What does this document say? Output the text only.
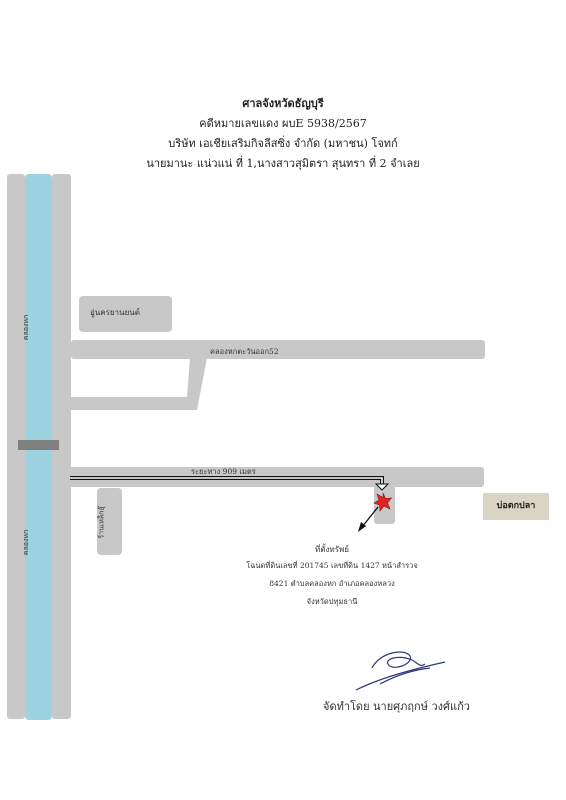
ศาลจังหวัดธัญบุรี
คดีหมายเลขแดง ผบE 5938/2567
บริษัท เอเชียเสริมกิจลีสซิ่ง จำกัด (มหาชน) โจทก์
นายมานะ แน่วแน่ ที่ 1,นางสาวสุมิตรา สุนทรา ที่ 2 จำเลย
คลองหก
คลองหก
อู่นครยานยนต์
คลองหกตะวันออก52
ร้านเหล็กอุ๊
บ่อตกปลา
ระยะทาง 909 เมตร
ที่ตั้งทรัพย์
โฉนดที่ดินเลขที่ 201745 เลขที่ดิน 1427 หน้าสำรวจ
8421 ตำบลคลองหก อำเภอคลองหลวง
จังหวัดปทุมธานี
จัดทำโดย นายศุภฤกษ์ วงศ์แก้ว
